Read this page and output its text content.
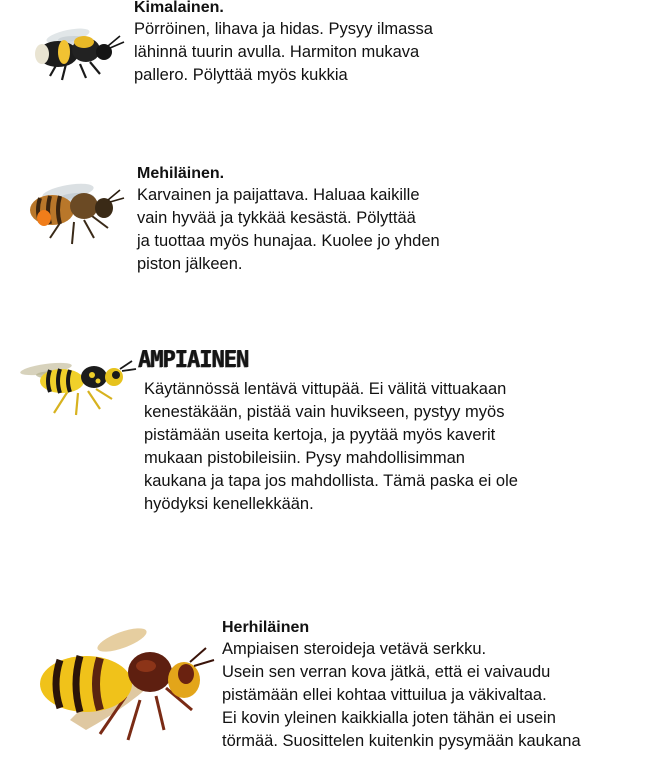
Kimalainen.
Pörröinen, lihava ja hidas. Pysyy ilmassa
lähinnä tuurin avulla. Harmiton mukava
pallero. Pölyttää myös kukkia
Mehiläinen.
Karvainen ja paijattava. Haluaa kaikille
vain hyvää ja tykkää kesästä. Pölyttää
ja tuottaa myös hunajaa. Kuolee jo yhden
piston jälkeen.
AMPIAINEN
Käytännössä lentävä vittupää. Ei välitä vittuakaan
kenestäkään, pistää vain huvikseen, pystyy myös
pistämään useita kertoja, ja pyytää myös kaverit
mukaan pistobileisiin. Pysy mahdollisimman
kaukana ja tapa jos mahdollista. Tämä paska ei ole
hyödyksi kenellekkään.
Herhiläinen
Ampiaisen steroideja vetävä serkku.
Usein sen verran kova jätkä, että ei vaivaudu
pistämään ellei kohtaa vittuilua ja väkivaltaa.
Ei kovin yleinen kaikkialla joten tähän ei usein
törmää. Suosittelen kuitenkin pysymään kaukana
